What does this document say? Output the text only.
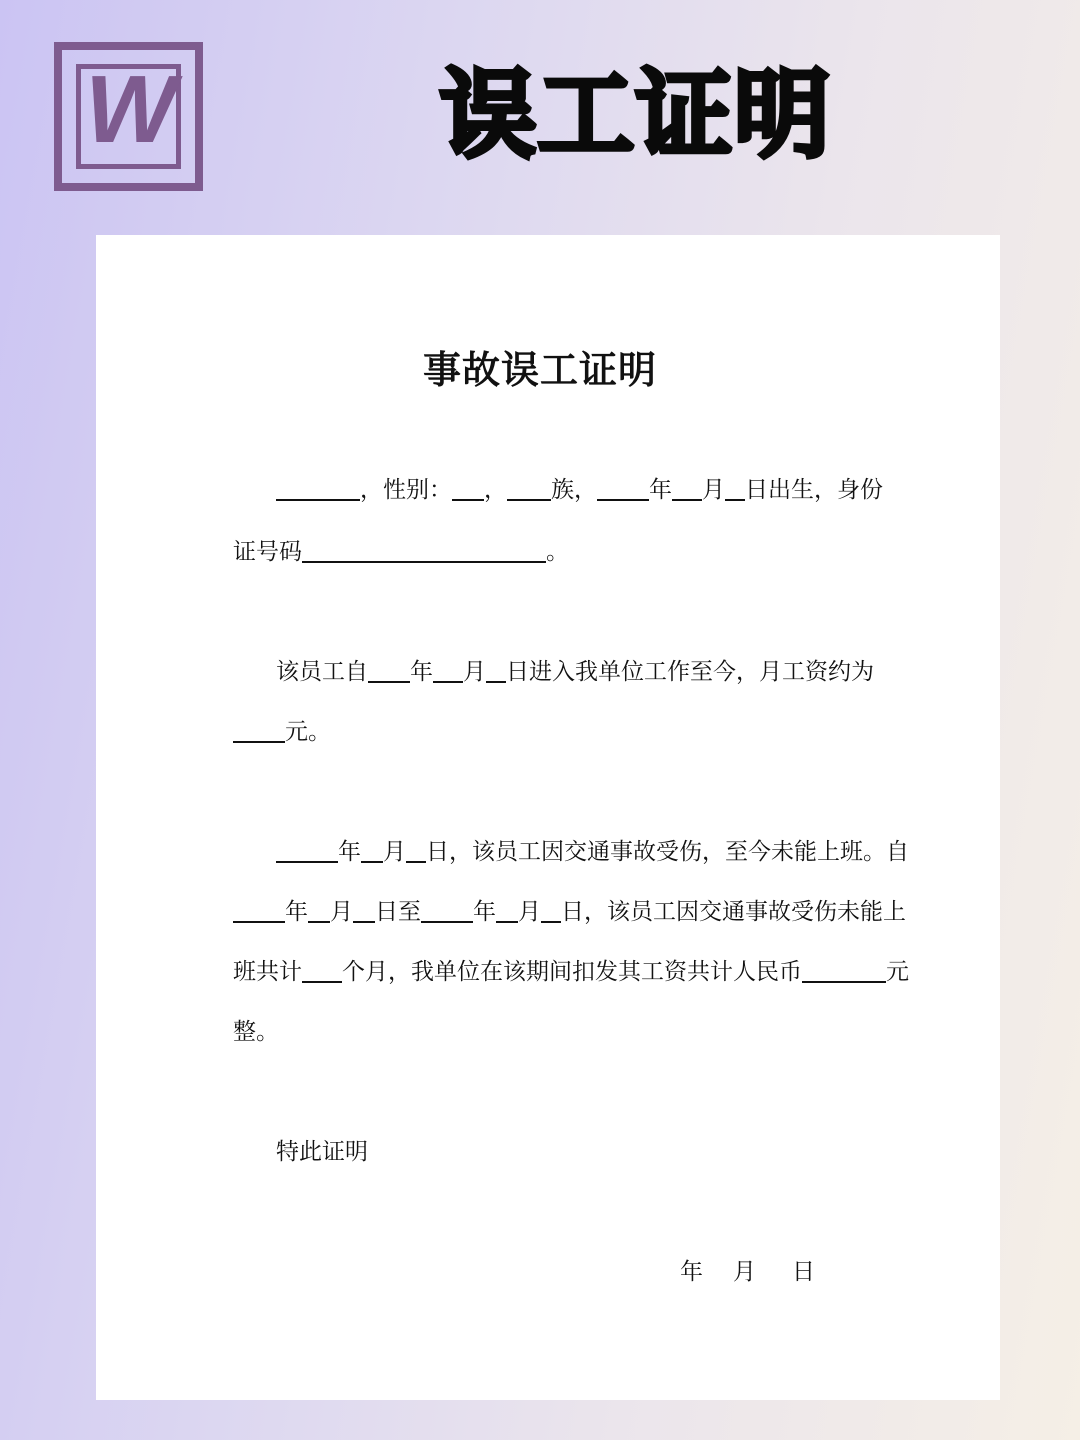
W	误工证明
事故误工证明
，性别： ， 族， 年 月 日出生，身份
证号码	。
该员工自 年 月 日进入我单位工作至今，月工资约为
元。
年 月 日，该员工因交通事故受伤，至今未能上班。自
年 月 日至 年 月 日，该员工因交通事故受伤未能上
班共计 个月，我单位在该期间扣发其工资共计人民币	元
整。
特此证明
年 月 日
